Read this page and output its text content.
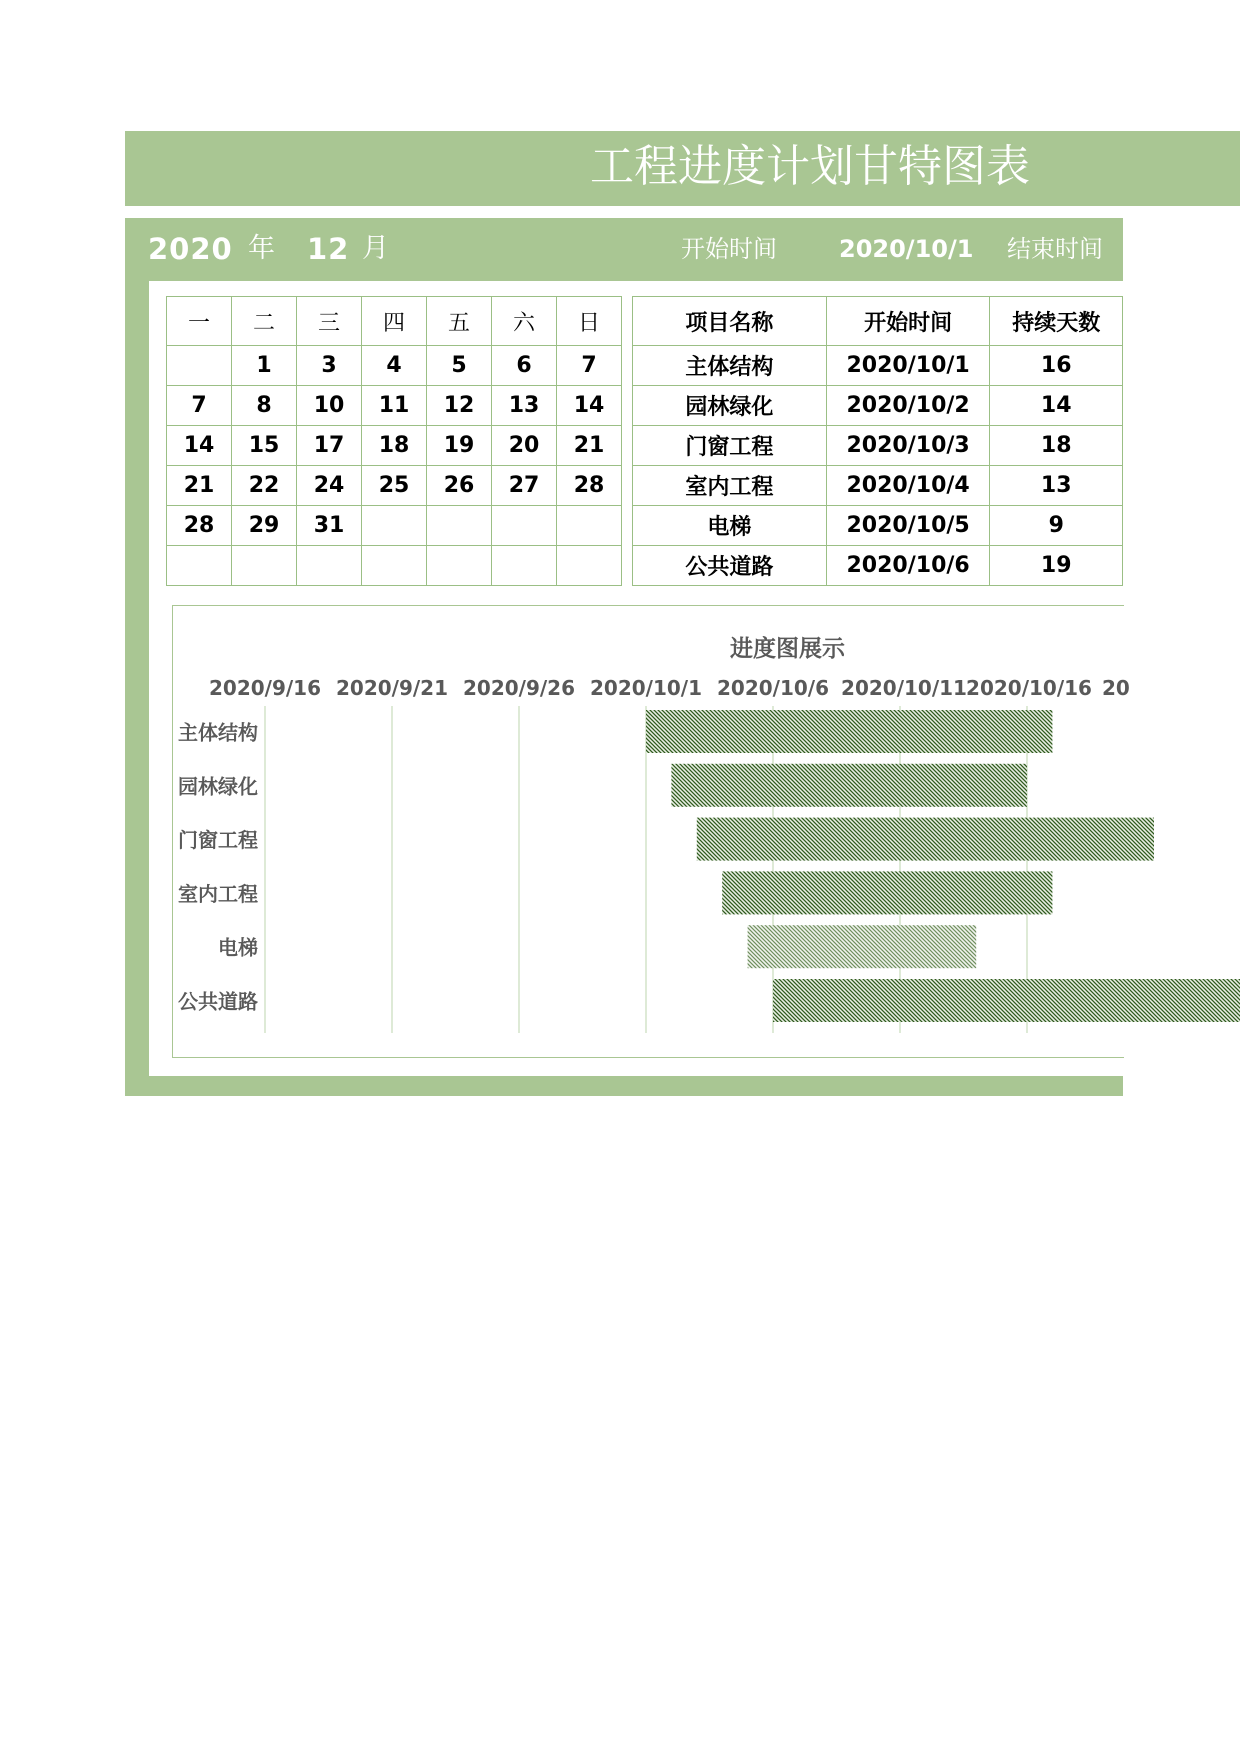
工程进度计划甘特图表
2020 年 12 月	开始时间	2020/10/1 结束时间
一	二	三	四	五	六	日
	1	3	4	5	6	7
7	8	10	11	12	13	14
14	15	17	18	19	20	21
21	22	24	25	26	27	28
28	29	31				

项目名称	开始时间	持续天数
主体结构	2020/10/1	16
园林绿化	2020/10/2	14
门窗工程	2020/10/3	18
室内工程	2020/10/4	13
电梯	2020/10/5	9
公共道路	2020/10/6	19
进度图展示
2020/9/16 2020/9/21 2020/9/26 2020/10/1 2020/10/6 2020/10/11 2020/10/16 20
主体结构
园林绿化
门窗工程
室内工程
电梯
公共道路
